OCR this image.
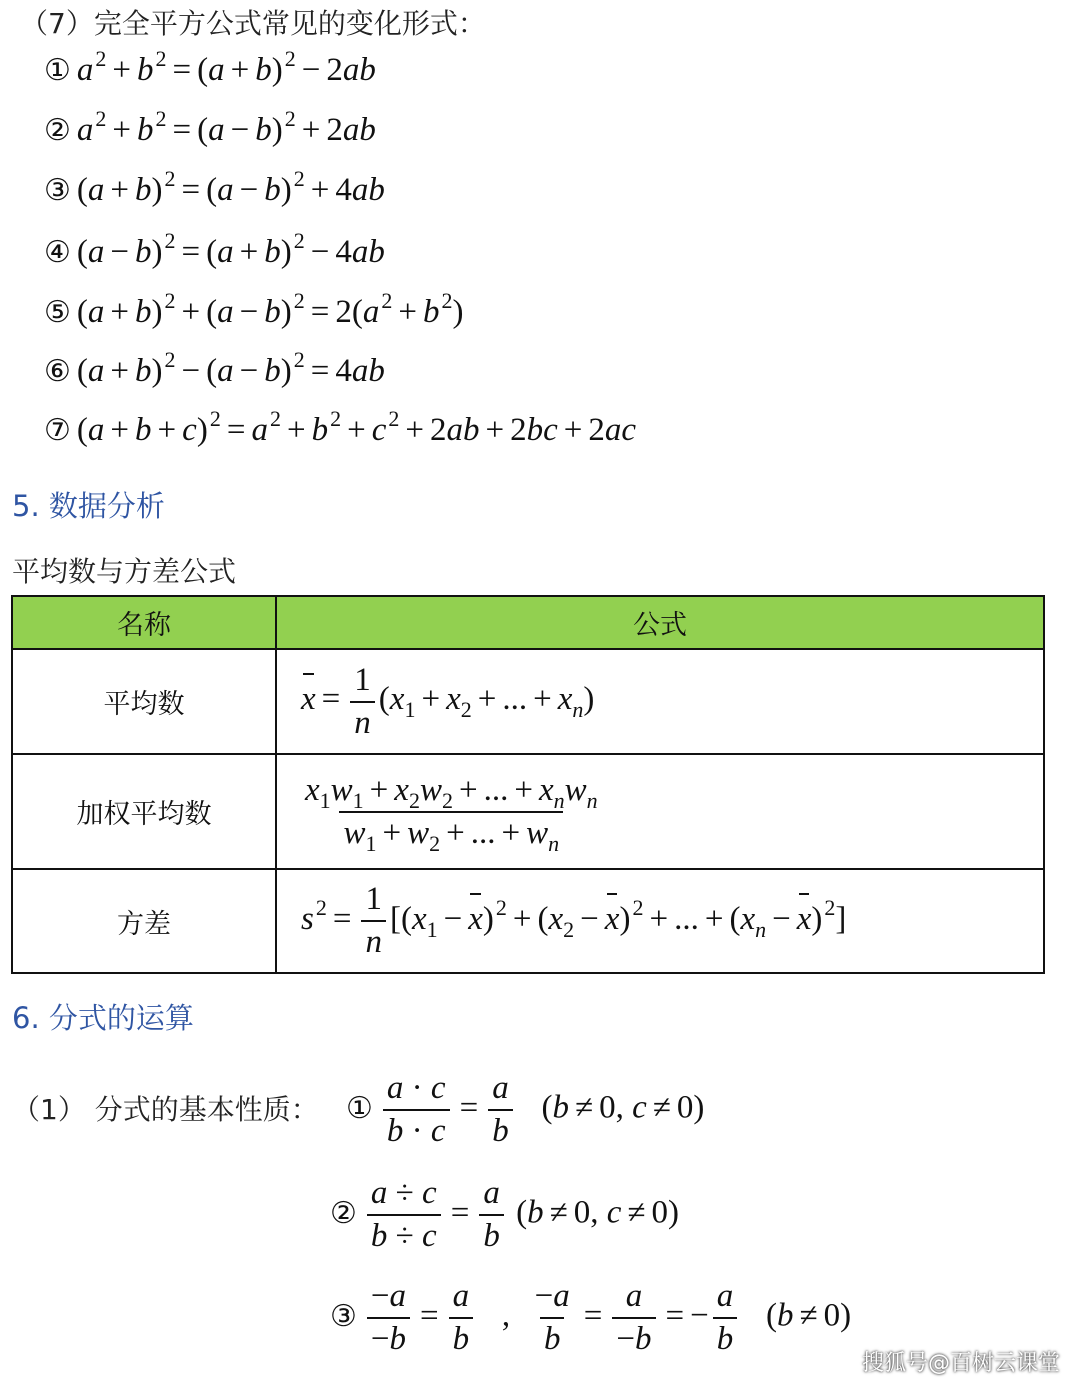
（7）完全平方公式常见的变化形式：
① $a^2 + b^2 = (a + b)^2 - 2ab$
② $a^2 + b^2 = (a - b)^2 + 2ab$
③ $(a + b)^2 = (a - b)^2 + 4ab$
④ $(a - b)^2 = (a + b)^2 - 4ab$
⑤ $(a + b)^2 + (a - b)^2 = 2(a^2 + b^2)$
⑥ $(a + b)^2 - (a - b)^2 = 4ab$
⑦ $(a + b + c)^2 = a^2 + b^2 + c^2 + 2ab + 2bc + 2ac$
5. 数据分析
平均数与方差公式
名称	公式
平均数	$x = \frac{1}{n} (x_1 + x_2$ + ... + $x_n$)
加权平均数	$\frac{x_1w_1 + x_2w_2 + ... + x_nw_n}{w_1 + w_2 + ... + w_n}$

方差	$s^2 = \frac{1}{n} [(x_1 - x)^2 + (x_2 - x)^2$ + ... + $(x_n - x)^2$]
6. 分式的运算
（1） 分式的基本性质： ① $\frac{a \cdot c}{b \cdot c} = \frac{a}{b} (b \ne 0$, c ≠ 0)
② $\frac{a \div c}{b \div c} = \frac{a}{b} (b \ne 0$, c ≠ 0)
③ $\frac{-a}{-b} = \frac{a}{b}$ , $\frac{-a}{b} = \frac{a}{-b}$ = − $\frac{a}{b} (b \ne 0)$
搜狐号@百树云课堂
